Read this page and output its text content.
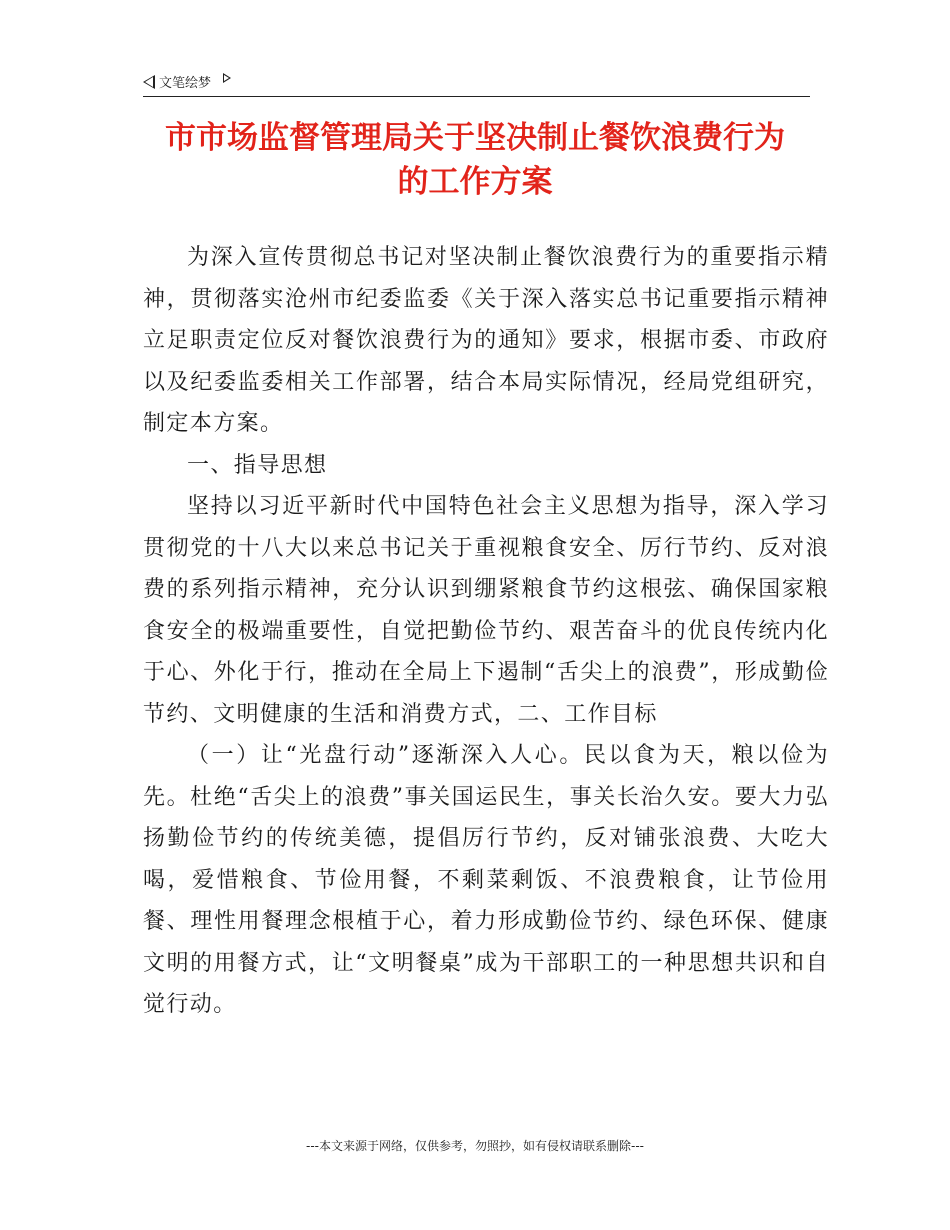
文笔绘梦
市市场监督管理局关于坚决制止餐饮浪费行为
的工作方案

为深入宣传贯彻总书记对坚决制止餐饮浪费行为的重要指示精神，贯彻落实沧州市纪委监委《关于深入落实总书记重要指示精神立足职责定位反对餐饮浪费行为的通知》要求，根据市委、市政府以及纪委监委相关工作部署，结合本局实际情况，经局党组研究，制定本方案。

一、指导思想

坚持以习近平新时代中国特色社会主义思想为指导，深入学习贯彻党的十八大以来总书记关于重视粮食安全、厉行节约、反对浪费的系列指示精神，充分认识到绷紧粮食节约这根弦、确保国家粮食安全的极端重要性，自觉把勤俭节约、艰苦奋斗的优良传统内化于心、外化于行，推动在全局上下遏制“舌尖上的浪费”，形成勤俭节约、文明健康的生活和消费方式，二、工作目标

（一）让“光盘行动”逐渐深入人心。民以食为天，粮以俭为先。杜绝“舌尖上的浪费”事关国运民生，事关长治久安。要大力弘扬勤俭节约的传统美德，提倡厉行节约，反对铺张浪费、大吃大喝，爱惜粮食、节俭用餐，不剩菜剩饭、不浪费粮食，让节俭用餐、理性用餐理念根植于心，着力形成勤俭节约、绿色环保、健康文明的用餐方式，让“文明餐桌”成为干部职工的一种思想共识和自觉行动。

---本文来源于网络，仅供参考，勿照抄，如有侵权请联系删除---
